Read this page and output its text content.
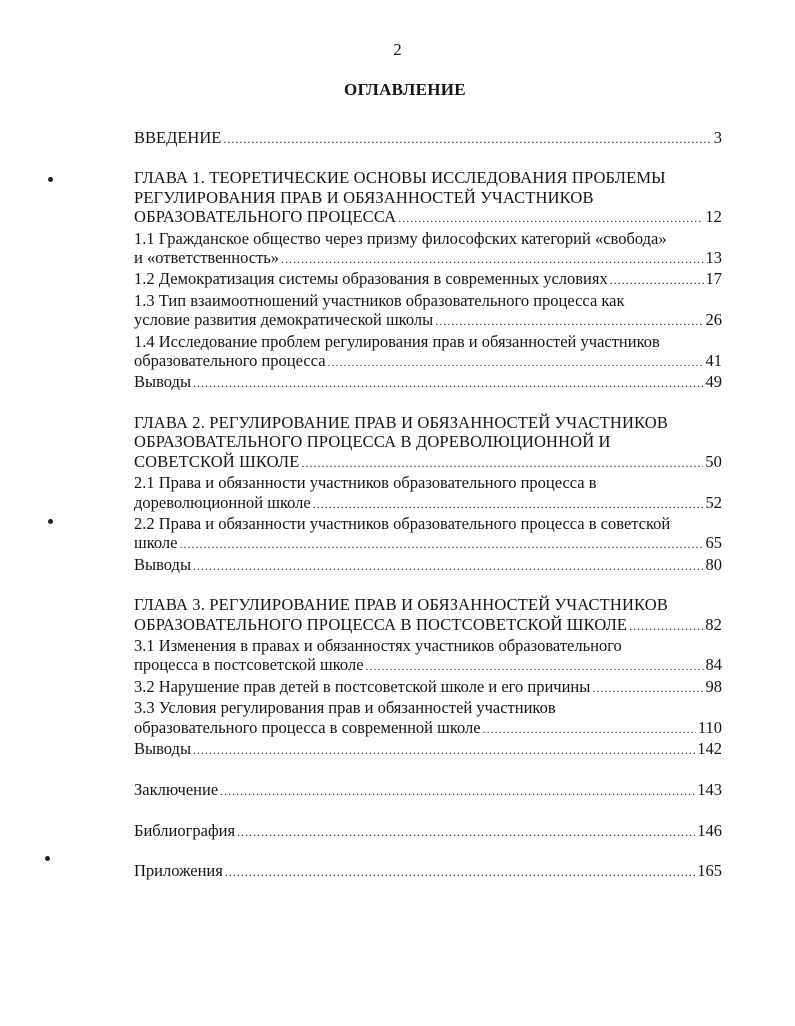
2
ОГЛАВЛЕНИЕ
ВВЕДЕНИЕ .....	3
ГЛАВА 1. ТЕОРЕТИЧЕСКИЕ ОСНОВЫ ИССЛЕДОВАНИЯ ПРОБЛЕМЫ
РЕГУЛИРОВАНИЯ ПРАВ И ОБЯЗАННОСТЕЙ УЧАСТНИКОВ
ОБРАЗОВАТЕЛЬНОГО ПРОЦЕССА .....	12
1.1 Гражданское общество через призму философских категорий «свобода»
и «ответственность» .....	13
1.2 Демократизация системы образования в современных условиях .....	17
1.3 Тип взаимоотношений участников образовательного процесса как
условие развития демократической школы .....	26
1.4 Исследование проблем регулирования прав и обязанностей участников
образовательного процесса .....	41
Выводы .....	49
ГЛАВА 2. РЕГУЛИРОВАНИЕ ПРАВ И ОБЯЗАННОСТЕЙ УЧАСТНИКОВ
ОБРАЗОВАТЕЛЬНОГО ПРОЦЕССА В ДОРЕВОЛЮЦИОННОЙ И
СОВЕТСКОЙ ШКОЛЕ .....	50
2.1 Права и обязанности участников образовательного процесса в
дореволюционной школе .....	52
2.2 Права и обязанности участников образовательного процесса в советской
школе .....	65
Выводы .....	80
ГЛАВА 3. РЕГУЛИРОВАНИЕ ПРАВ И ОБЯЗАННОСТЕЙ УЧАСТНИКОВ
ОБРАЗОВАТЕЛЬНОГО ПРОЦЕССА В ПОСТСОВЕТСКОЙ ШКОЛЕ .....	82
3.1 Изменения в правах и обязанностях участников образовательного
процесса в постсоветской школе .....	84
3.2 Нарушение прав детей в постсоветской школе и его причины .....	98
3.3 Условия регулирования прав и обязанностей участников
образовательного процесса в современной школе .....	110
Выводы .....	142
Заключение .....	143
Библиография .....	146
Приложения .....	165
